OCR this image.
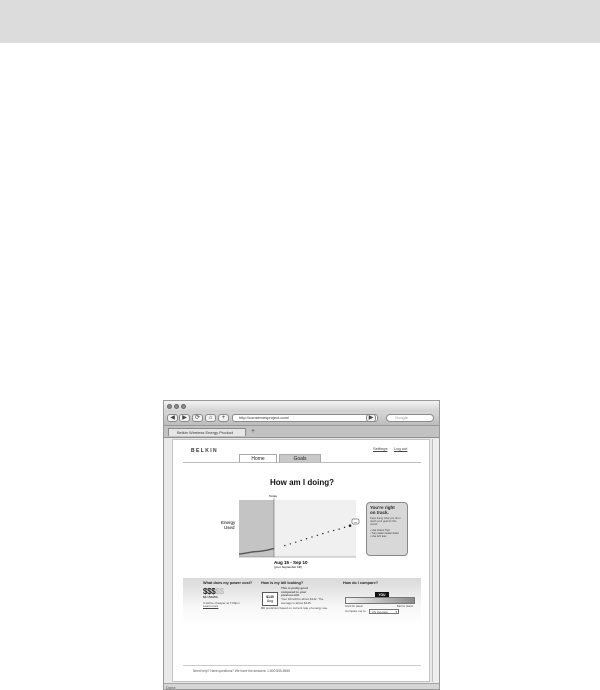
◀	▶	⟳	⌂	+	http://conservesproject.com/	▶	Google
Belkin Wireless Energy Product	+
BELKIN	Settings Log out
Home	Goals
How am I doing?
Today
Energy
Used
Aug 15 - Sep 10
(your September bill)
You're right
on track.
Keep doing what you do to reach your goal for this month.
› Use Green Tips
› Turn water heater down
› Use A/C less
What does my power cost?
$$$$$
$0.15/kWh
It will be cheaper at 7:00pm
Learn more
How is my bill looking?
$140
Aug
This is pretty good
compared to your
previous bill.
Your bill will be about $142. The average is about $145.
Bill prediction based on current rate of energy use.
How do I compare?
YOU
Good for planet	Bad for planet
Compare me to	US Average	▾
Need help? Have questions? We have the answers: 1-800-555-5555
Done
